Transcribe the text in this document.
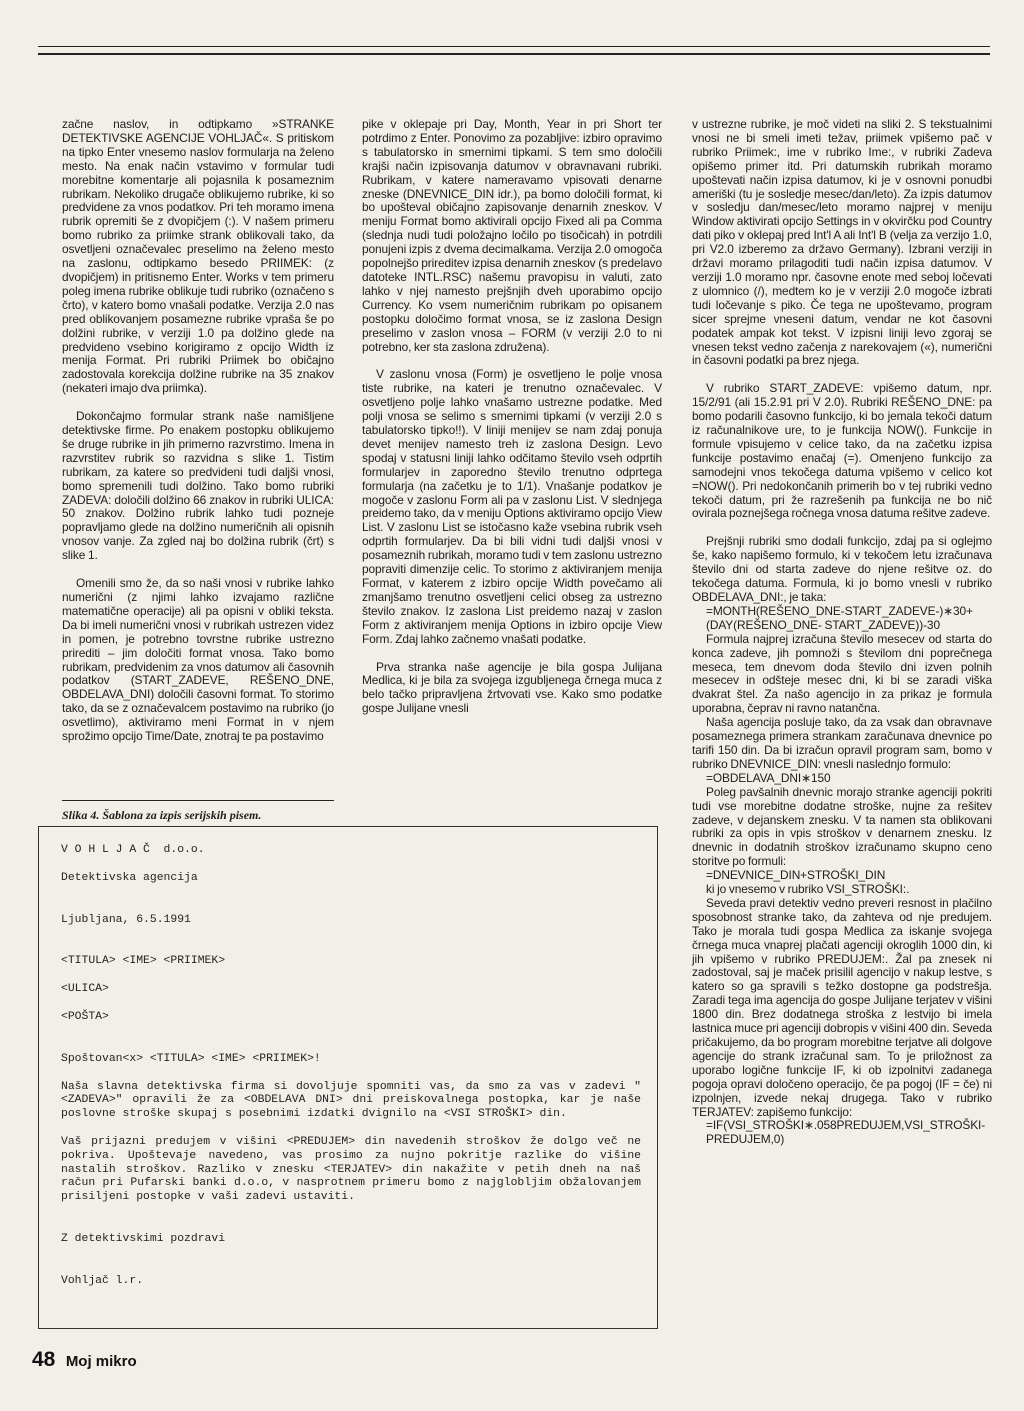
začne naslov, in odtipkamo »STRANKE DETEKTIVSKE AGENCIJE VOHLJAČ«. S pritiskom na tipko Enter vnesemo naslov formularja na želeno mesto. Na enak način vstavimo v formular tudi morebitne komentarje ali pojasnila k posameznim rubrikam. Nekoliko drugače oblikujemo rubrike, ki so predvidene za vnos podatkov. Pri teh moramo imena rubrik opremiti še z dvopičjem (:). V našem primeru bomo rubriko za priimke strank oblikovali tako, da osvetljeni označevalec preselimo na želeno mesto na zaslonu, odtipkamo besedo PRIIMEK: (z dvopičjem) in pritisnemo Enter. Works v tem primeru poleg imena rubrike oblikuje tudi rubriko (označeno s črto), v katero bomo vnašali podatke. Verzija 2.0 nas pred oblikovanjem posamezne rubrike vpraša še po dolžini rubrike, v verziji 1.0 pa dolžino glede na predvideno vsebino korigiramo z opcijo Width iz menija Format. Pri rubriki Priimek bo običajno zadostovala korekcija dolžine rubrike na 35 znakov (nekateri imajo dva priimka).

Dokončajmo formular strank naše namišljene detektivske firme. Po enakem postopku oblikujemo še druge rubrike in jih primerno razvrstimo. Imena in razvrstitev rubrik so razvidna s slike 1. Tistim rubrikam, za katere so predvideni tudi daljši vnosi, bomo spremenili tudi dolžino. Tako bomo rubriki ZADEVA: določili dolžino 66 znakov in rubriki ULICA: 50 znakov. Dolžino rubrik lahko tudi pozneje popravljamo glede na dolžino numeričnih ali opisnih vnosov vanje. Za zgled naj bo dolžina rubrik (črt) s slike 1.

Omenili smo že, da so naši vnosi v rubrike lahko numerični (z njimi lahko izvajamo različne matematične operacije) ali pa opisni v obliki teksta. Da bi imeli numerični vnosi v rubrikah ustrezen videz in pomen, je potrebno tovrstne rubrike ustrezno prirediti – jim določiti format vnosa. Tako bomo rubrikam, predvidenim za vnos datumov ali časovnih podatkov (START_ZADEVE, REŠENO_DNE, OBDELAVA_DNI) določili časovni format. To storimo tako, da se z označevalcem postavimo na rubriko (jo osvetlimo), aktiviramo meni Format in v njem sprožimo opcijo Time/Date, znotraj te pa postavimo

Slika 4. Šablona za izpis serijskih pisem.

pike v oklepaje pri Day, Month, Year in pri Short ter potrdimo z Enter. Ponovimo za pozabljive: izbiro opravimo s tabulatorsko in smernimi tipkami. S tem smo določili krajši način izpisovanja datumov v obravnavani rubriki. Rubrikam, v katere nameravamo vpisovati denarne zneske (DNEVNICE_DIN idr.), pa bomo določili format, ki bo upošteval običajno zapisovanje denarnih zneskov. V meniju Format bomo aktivirali opcijo Fixed ali pa Comma (slednja nudi tudi položajno ločilo po tisočicah) in potrdili ponujeni izpis z dvema decimalkama. Verzija 2.0 omogoča popolnejšo prireditev izpisa denarnih zneskov (s predelavo datoteke INTL.RSC) našemu pravopisu in valuti, zato lahko v njej namesto prejšnjih dveh uporabimo opcijo Currency. Ko vsem numeričnim rubrikam po opisanem postopku določimo format vnosa, se iz zaslona Design preselimo v zaslon vnosa – FORM (v verziji 2.0 to ni potrebno, ker sta zaslona združena).

V zaslonu vnosa (Form) je osvetljeno le polje vnosa tiste rubrike, na kateri je trenutno označevalec. V osvetljeno polje lahko vnašamo ustrezne podatke. Med polji vnosa se selimo s smernimi tipkami (v verziji 2.0 s tabulatorsko tipko!!). V liniji menijev se nam zdaj ponuja devet menijev namesto treh iz zaslona Design. Levo spodaj v statusni liniji lahko odčitamo število vseh odprtih formularjev in zaporedno število trenutno odprtega formularja (na začetku je to 1/1). Vnašanje podatkov je mogoče v zaslonu Form ali pa v zaslonu List. V slednjega preidemo tako, da v meniju Options aktiviramo opcijo View List. V zaslonu List se istočasno kaže vsebina rubrik vseh odprtih formularjev. Da bi bili vidni tudi daljši vnosi v posameznih rubrikah, moramo tudi v tem zaslonu ustrezno popraviti dimenzije celic. To storimo z aktiviranjem menija Format, v katerem z izbiro opcije Width povečamo ali zmanjšamo trenutno osvetljeni celici obseg za ustrezno število znakov. Iz zaslona List preidemo nazaj v zaslon Form z aktiviranjem menija Options in izbiro opcije View Form. Zdaj lahko začnemo vnašati podatke.

Prva stranka naše agencije je bila gospa Julijana Medlica, ki je bila za svojega izgubljenega črnega muca z belo tačko pripravljena žrtvovati vse. Kako smo podatke gospe Julijane vnesli

v ustrezne rubrike, je moč videti na sliki 2. S tekstualnimi vnosi ne bi smeli imeti težav, priimek vpišemo pač v rubriko Priimek:, ime v rubriko Ime:, v rubriki Zadeva opišemo primer itd. Pri datumskih rubrikah moramo upoštevati način izpisa datumov, ki je v osnovni ponudbi ameriški (tu je sosledje mesec/dan/leto). Za izpis datumov v sosledju dan/mesec/leto moramo najprej v meniju Window aktivirati opcijo Settings in v okvirčku pod Country dati piko v oklepaj pred Int'l A ali Int'l B (velja za verzijo 1.0, pri V2.0 izberemo za državo Germany). Izbrani verziji in državi moramo prilagoditi tudi način izpisa datumov. V verziji 1.0 moramo npr. časovne enote med seboj ločevati z ulomnico (/), medtem ko je v verziji 2.0 mogoče izbrati tudi ločevanje s piko. Če tega ne upoštevamo, program sicer sprejme vneseni datum, vendar ne kot časovni podatek ampak kot tekst. V izpisni liniji levo zgoraj se vnesen tekst vedno začenja z narekovajem («), numerični in časovni podatki pa brez njega.

V rubriko START_ZADEVE: vpišemo datum, npr. 15/2/91 (ali 15.2.91 pri V 2.0). Rubriki REŠENO_DNE: pa bomo podarili časovno funkcijo, ki bo jemala tekoči datum iz računalnikove ure, to je funkcija NOW(). Funkcije in formule vpisujemo v celice tako, da na začetku izpisa funkcije postavimo enačaj (=). Omenjeno funkcijo za samodejni vnos tekočega datuma vpišemo v celico kot =NOW(). Pri nedokončanih primerih bo v tej rubriki vedno tekoči datum, pri že razrešenih pa funkcija ne bo nič ovirala poznejšega ročnega vnosa datuma rešitve zadeve.

Prejšnji rubriki smo dodali funkcijo, zdaj pa si oglejmo še, kako napišemo formulo, ki v tekočem letu izračunava število dni od starta zadeve do njene rešitve oz. do tekočega datuma. Formula, ki jo bomo vnesli v rubriko OBDELAVA_DNI:, je taka:

=MONTH(REŠENO_DNE-START_ZADEVE-)∗30+(DAY(REŠENO_DNE- START_ZADEVE))-30

Formula najprej izračuna število mesecev od starta do konca zadeve, jih pomnoži s številom dni poprečnega meseca, tem dnevom doda število dni izven polnih mesecev in odšteje mesec dni, ki bi se zaradi viška dvakrat štel. Za našo agencijo in za prikaz je formula uporabna, čeprav ni ravno natančna.

Naša agencija posluje tako, da za vsak dan obravnave posameznega primera strankam zaračunava dnevnice po tarifi 150 din. Da bi izračun opravil program sam, bomo v rubriko DNEVNICE_DIN: vnesli naslednjo formulo:

=OBDELAVA_DNI∗150

Poleg pavšalnih dnevnic morajo stranke agenciji pokriti tudi vse morebitne dodatne stroške, nujne za rešitev zadeve, v dejanskem znesku. V ta namen sta oblikovani rubriki za opis in vpis stroškov v denarnem znesku. Iz dnevnic in dodatnih stroškov izračunamo skupno ceno storitve po formuli:

=DNEVNICE_DIN+STROŠKI_DIN

ki jo vnesemo v rubriko VSI_STROŠKI:.

Seveda pravi detektiv vedno preveri resnost in plačilno sposobnost stranke tako, da zahteva od nje predujem. Tako je morala tudi gospa Medlica za iskanje svojega črnega muca vnaprej plačati agenciji okroglih 1000 din, ki jih vpišemo v rubriko PREDUJEM:. Žal pa znesek ni zadostoval, saj je maček prisilil agencijo v nakup lestve, s katero so ga spravili s težko dostopne ga podstrešja. Zaradi tega ima agencija do gospe Julijane terjatev v višini 1800 din. Brez dodatnega stroška z lestvijo bi imela lastnica muce pri agenciji dobropis v višini 400 din. Seveda pričakujemo, da bo program morebitne terjatve ali dolgove agencije do strank izračunal sam. To je priložnost za uporabo logične funkcije IF, ki ob izpolnitvi zadanega pogoja opravi določeno operacijo, če pa pogoj (IF = če) ni izpolnjen, izvede nekaj drugega. Tako v rubriko TERJATEV: zapišemo funkcijo:

=IF(VSI_STROŠKI∗.058PREDUJEM,VSI_STROŠKI-PREDUJEM,0)

V O H L J A Č  d.o.o.
Detektivska agencija
Ljubljana, 6.5.1991
<TITULA> <IME> <PRIIMEK>
<ULICA>
<POŠTA>
Spoštovan<x> <TITULA> <IME> <PRIIMEK>!
Naša slavna detektivska firma si dovoljuje spomniti vas, da smo za vas v zadevi "<ZADEVA>" opravili že za <OBDELAVA DNI> dni preiskovalnega postopka, kar je naše poslovne stroške skupaj s posebnimi izdatki dvignilo na <VSI STROŠKI> din.
Vaš prijazni predujem v višini <PREDUJEM> din navedenih stroškov že dolgo več ne pokriva. Upoštevaje navedeno, vas prosimo za nujno pokritje razlike do višine nastalih stroškov. Razliko v znesku <TERJATEV> din nakažite v petih dneh na naš račun pri Pufarski banki d.o.o, v nasprotnem primeru bomo z najglobljim obžalovanjem prisiljeni postopke v vaši zadevi ustaviti.
Z detektivskimi pozdravi
Vohljač l.r.
48 Moj mikro
